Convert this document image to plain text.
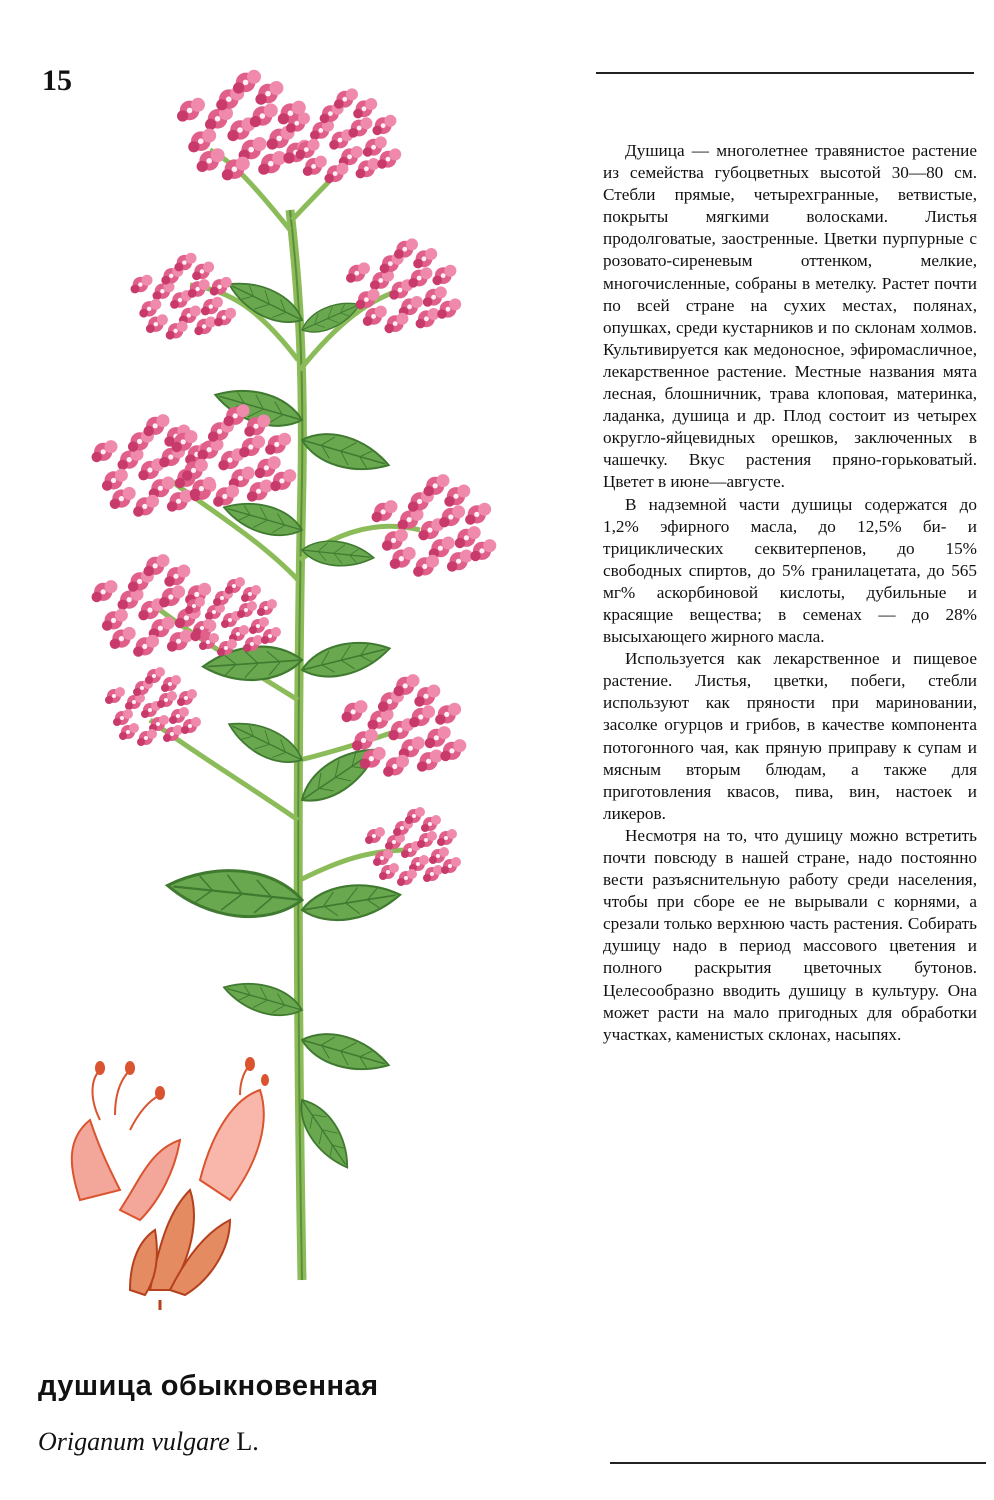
15

Душица — многолетнее травянистое растение из семейства губоцветных высотой 30—80 см. Стебли прямые, четырехгранные, ветвистые, покрыты мягкими волосками. Листья продолговатые, заостренные. Цветки пурпурные с розовато-сиреневым оттенком, мелкие, многочисленные, собраны в метелку. Растет почти по всей стране на сухих местах, полянах, опушках, среди кустарников и по склонам холмов. Культивируется как медоносное, эфиромасличное, лекарственное растение. Местные названия мята лесная, блошничник, трава клоповая, материнка, ладанка, душица и др. Плод состоит из четырех округло-яйцевидных орешков, заключенных в чашечку. Вкус растения пряно-горьковатый. Цветет в июне—августе.

В надземной части душицы содержатся до 1,2% эфирного масла, до 12,5% би- и трициклических секвитерпенов, до 15% свободных спиртов, до 5% гранилацетата, до 565 мг% аскорбиновой кислоты, дубильные и красящие вещества; в семенах — до 28% высыхающего жирного масла.

Используется как лекарственное и пищевое растение. Листья, цветки, побеги, стебли используют как пряности при мариновании, засолке огурцов и грибов, в качестве компонента потогонного чая, как пряную приправу к супам и мясным вторым блюдам, а также для приготовления квасов, пива, вин, настоек и ликеров.

Несмотря на то, что душицу можно встретить почти повсюду в нашей стране, надо постоянно вести разъяснительную работу среди населения, чтобы при сборе ее не вырывали с корнями, а срезали только верхнюю часть растения. Собирать душицу надо в период массового цветения и полного раскрытия цветочных бутонов. Целесообразно вводить душицу в культуру. Она может расти на мало пригодных для обработки участках, каменистых склонах, насыпях.

душица обыкновенная
Origanum vulgare L.
